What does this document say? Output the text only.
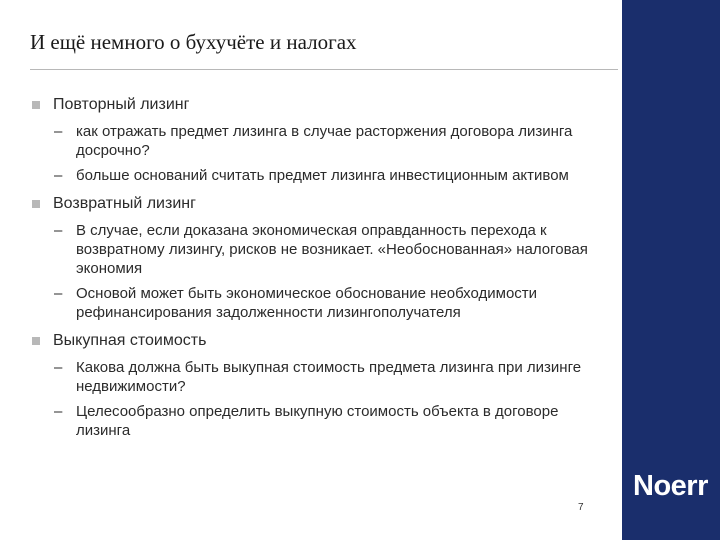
И ещё немного о бухучёте и налогах
Noerr
Повторный лизинг
– как отражать предмет лизинга в случае расторжения договора лизинга досрочно?
– больше оснований считать предмет лизинга инвестиционным активом
Возвратный лизинг
– В случае, если доказана экономическая оправданность перехода к возвратному лизингу, рисков не возникает. «Необоснованная» налоговая экономия
– Основой может быть экономическое обоснование необходимости рефинансирования задолженности лизингополучателя
Выкупная стоимость
– Какова должна быть выкупная стоимость предмета лизинга при лизинге недвижимости?
– Целесообразно определить выкупную стоимость объекта в договоре лизинга
7
